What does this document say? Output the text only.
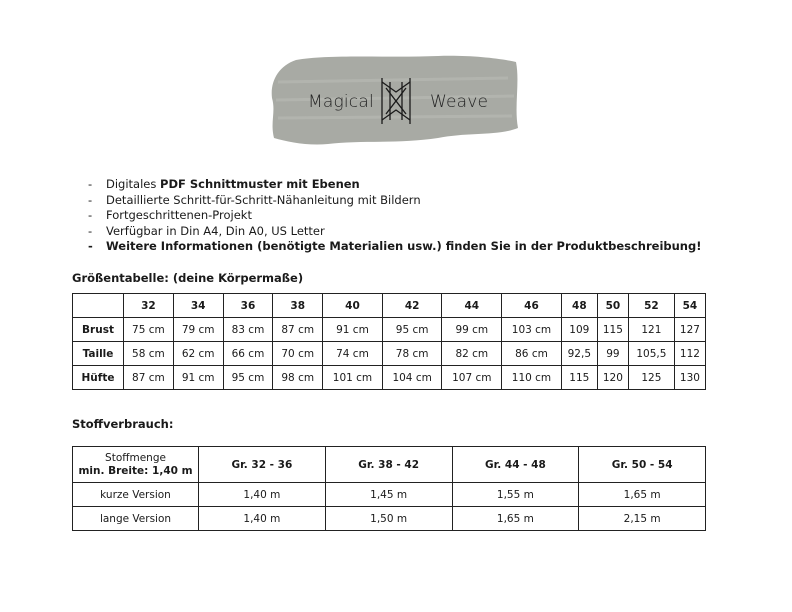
Magical	Weave
- Digitales PDF Schnittmuster mit Ebenen
- Detaillierte Schritt-für-Schritt-Nähanleitung mit Bildern
- Fortgeschrittenen-Projekt
- Verfügbar in Din A4, Din A0, US Letter
- Weitere Informationen (benötigte Materialien usw.) finden Sie in der Produktbeschreibung!
Größentabelle: (deine Körpermaße)
	32	34	36	38	40	42	44	46	48	50	52	54
Brust	75 cm	79 cm	83 cm	87 cm	91 cm	95 cm	99 cm	103 cm	109	115	121	127
Taille	58 cm	62 cm	66 cm	70 cm	74 cm	78 cm	82 cm	86 cm	92,5	99	105,5	112
Hüfte	87 cm	91 cm	95 cm	98 cm	101 cm	104 cm	107 cm	110 cm	115	120	125	130
Stoffverbrauch:
Stoffmenge
min. Breite: 1,40 m	Gr. 32 - 36	Gr. 38 - 42	Gr. 44 - 48	Gr. 50 - 54
kurze Version	1,40 m	1,45 m	1,55 m	1,65 m
lange Version	1,40 m	1,50 m	1,65 m	2,15 m
